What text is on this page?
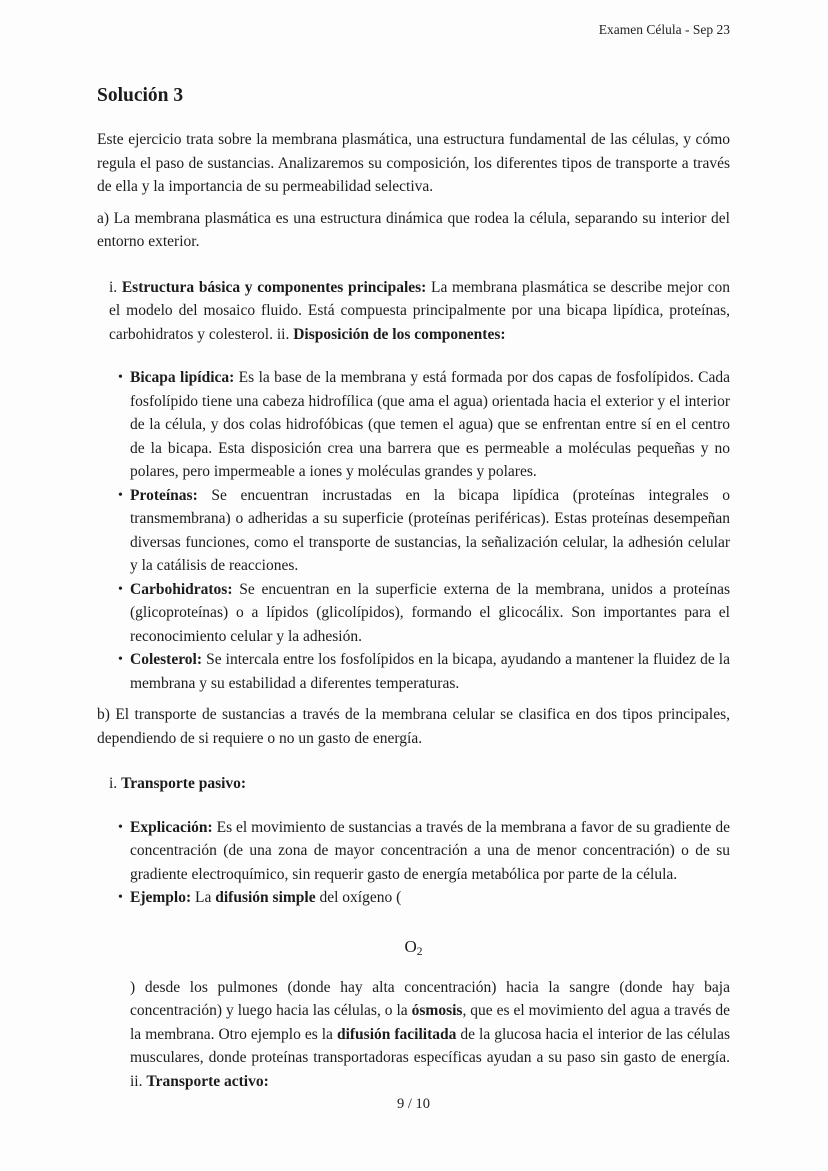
Examen Célula - Sep 23
Solución 3

Este ejercicio trata sobre la membrana plasmática, una estructura fundamental de las células, y cómo regula el paso de sustancias. Analizaremos su composición, los diferentes tipos de transporte a través de ella y la importancia de su permeabilidad selectiva.

a) La membrana plasmática es una estructura dinámica que rodea la célula, separando su interior del entorno exterior.

i. Estructura básica y componentes principales: La membrana plasmática se describe mejor con el modelo del mosaico fluido. Está compuesta principalmente por una bicapa lipídica, proteínas, carbohidratos y colesterol. ii. Disposición de los componentes:
• Bicapa lipídica: Es la base de la membrana y está formada por dos capas de fosfolípidos. Cada fosfolípido tiene una cabeza hidrofílica (que ama el agua) orientada hacia el exterior y el interior de la célula, y dos colas hidrofóbicas (que temen el agua) que se enfrentan entre sí en el centro de la bicapa. Esta disposición crea una barrera que es permeable a moléculas pequeñas y no polares, pero impermeable a iones y moléculas grandes y polares.
• Proteínas: Se encuentran incrustadas en la bicapa lipídica (proteínas integrales o transmembrana) o adheridas a su superficie (proteínas periféricas). Estas proteínas desempeñan diversas funciones, como el transporte de sustancias, la señalización celular, la adhesión celular y la catálisis de reacciones.
• Carbohidratos: Se encuentran en la superficie externa de la membrana, unidos a proteínas (glicoproteínas) o a lípidos (glicolípidos), formando el glicocálix. Son importantes para el reconocimiento celular y la adhesión.
• Colesterol: Se intercala entre los fosfolípidos en la bicapa, ayudando a mantener la fluidez de la membrana y su estabilidad a diferentes temperaturas.

b) El transporte de sustancias a través de la membrana celular se clasifica en dos tipos principales, dependiendo de si requiere o no un gasto de energía.

i. Transporte pasivo:
• Explicación: Es el movimiento de sustancias a través de la membrana a favor de su gradiente de concentración (de una zona de mayor concentración a una de menor concentración) o de su gradiente electroquímico, sin requerir gasto de energía metabólica por parte de la célula.
• Ejemplo: La difusión simple del oxígeno (
$O_2$

) desde los pulmones (donde hay alta concentración) hacia la sangre (donde hay baja concentración) y luego hacia las células, o la ósmosis, que es el movimiento del agua a través de la membrana. Otro ejemplo es la difusión facilitada de la glucosa hacia el interior de las células musculares, donde proteínas transportadoras específicas ayudan a su paso sin gasto de energía. ii. Transporte activo:

9 / 10
